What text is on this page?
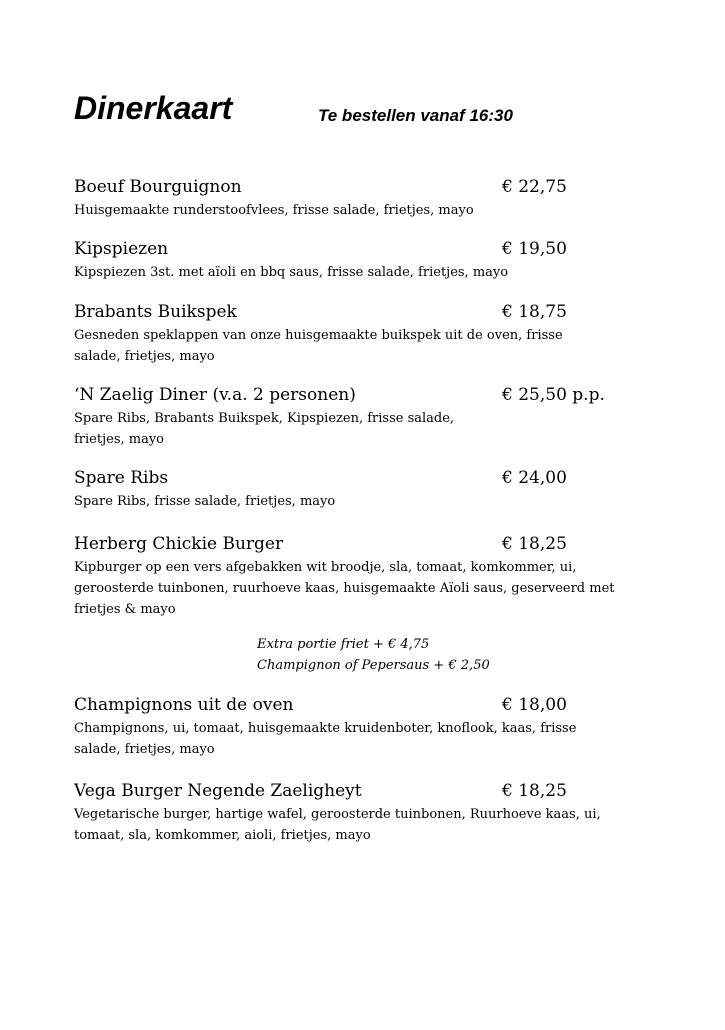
Dinerkaart	Te bestellen vanaf 16:30
Boeuf Bourguignon	€ 22,75
Huisgemaakte runderstoofvlees, frisse salade, frietjes, mayo
Kipspiezen	€ 19,50
Kipspiezen 3st. met aïoli en bbq saus, frisse salade, frietjes, mayo
Brabants Buikspek	€ 18,75
Gesneden speklappen van onze huisgemaakte buikspek uit de oven, frisse salade, frietjes, mayo
‘N Zaelig Diner (v.a. 2 personen)	€ 25,50 p.p.
Spare Ribs, Brabants Buikspek, Kipspiezen, frisse salade, frietjes, mayo
Spare Ribs	€ 24,00
Spare Ribs, frisse salade, frietjes, mayo
Herberg Chickie Burger	€ 18,25
Kipburger op een vers afgebakken wit broodje, sla, tomaat, komkommer, ui, geroosterde tuinbonen, ruurhoeve kaas, huisgemaakte Aïoli saus, geserveerd met frietjes & mayo
Extra portie friet + € 4,75
Champignon of Pepersaus + € 2,50
Champignons uit de oven	€ 18,00
Champignons, ui, tomaat, huisgemaakte kruidenboter, knoflook, kaas, frisse salade, frietjes, mayo
Vega Burger Negende Zaeligheyt	€ 18,25
Vegetarische burger, hartige wafel, geroosterde tuinbonen, Ruurhoeve kaas, ui, tomaat, sla, komkommer, aioli, frietjes, mayo
